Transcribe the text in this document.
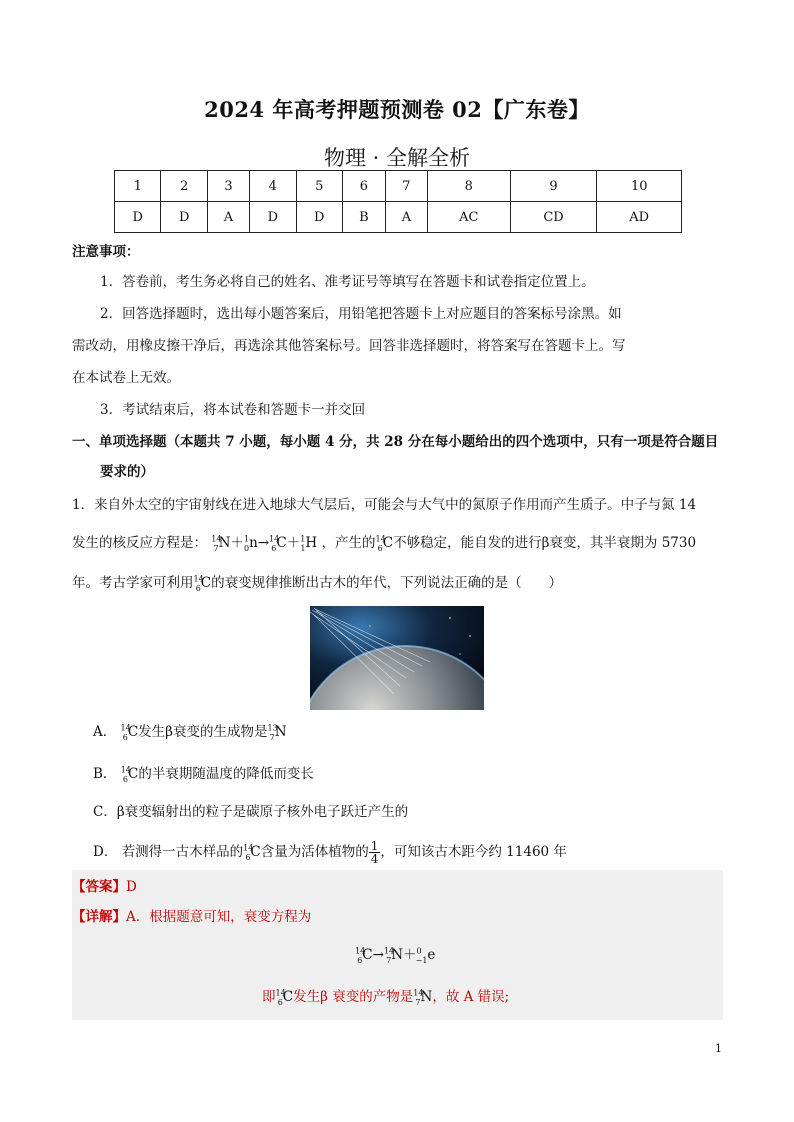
2024 年高考押题预测卷 02【广东卷】
物理 · 全解全析
1	2	3	4	5	6	7	8	9	10
D	D	A	D	D	B	A	AC	CD	AD
注意事项：
1．答卷前，考生务必将自己的姓名、准考证号等填写在答题卡和试卷指定位置上。
2．回答选择题时，选出每小题答案后，用铅笔把答题卡上对应题目的答案标号涂黑。如
需改动，用橡皮擦干净后，再选涂其他答案标号。回答非选择题时，将答案写在答题卡上。写
在本试卷上无效。
3．考试结束后，将本试卷和答题卡一并交回
一、单项选择题（本题共 7 小题，每小题 4 分，共 28 分在每小题给出的四个选项中，只有一项是符合题目
要求的）
1．来自外太空的宇宙射线在进入地球大气层后，可能会与大气中的氮原子作用而产生质子。中子与氮 14
发生的核反应方程是： $^{14}_7$N＋$^1_0$n→$^{14}_6$C＋$^1_1$H ，产生的$^{14}_6$C不够稳定，能自发的进行β衰变，其半衰期为 5730
年。考古学家可利用$^{14}_6$C的衰变规律推断出古木的年代，下列说法正确的是（　　）
A． $^{14}_6$C发生β衰变的生成物是$^{13}_7$N
B． $^{14}_6$C的半衰期随温度的降低而变长
C．β衰变辐射出的粒子是碳原子核外电子跃迁产生的
D． 若测得一古木样品的$^{14}_6$C含量为活体植物的 $\frac{1}{4}$ ，可知该古木距今约 11460 年
【答案】D
【详解】A．根据题意可知，衰变方程为
$^{14}_6$C→$^{14}_7$N＋$^0_{-1}$e
即$^{14}_6$C发生β 衰变的产物是$^{14}_7$N，故 A 错误;
1
